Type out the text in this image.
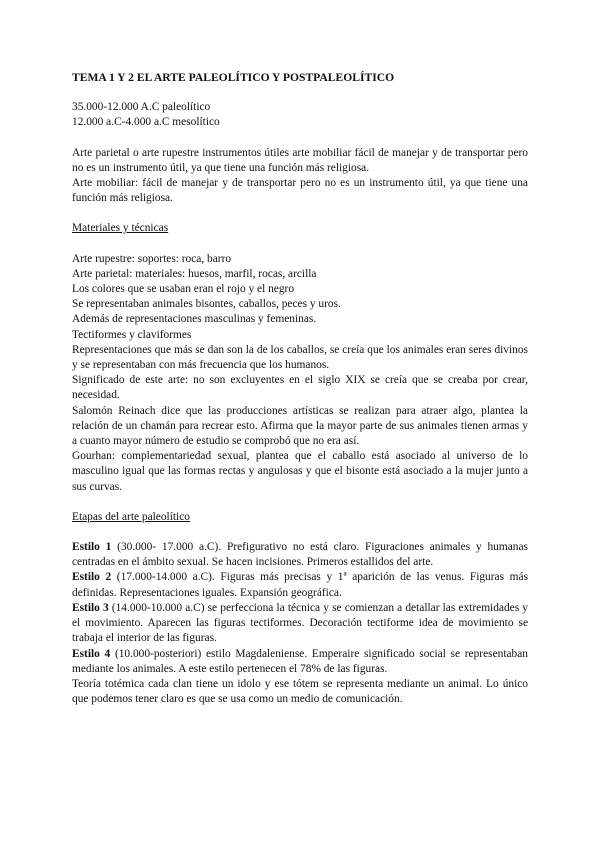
TEMA 1 Y 2 EL ARTE PALEOLÍTICO Y POSTPALEOLÍTICO

35.000-12.000 A.C paleolítico

12.000 a.C-4.000 a.C mesolítico

Arte parietal o arte rupestre instrumentos útiles arte mobiliar fácil de manejar y de transportar pero no es un instrumento útil, ya que tiene una función más religiosa.

Arte mobiliar: fácil de manejar y de transportar pero no es un instrumento útil, ya que tiene una función más religiosa.

Materiales y técnicas

Arte rupestre: soportes: roca, barro

Arte parietal: materiales: huesos, marfil, rocas, arcilla

Los colores que se usaban eran el rojo y el negro

Se representaban animales bisontes, caballos, peces y uros.

Además de representaciones masculinas y femeninas.

Tectiformes y claviformes

Representaciones que más se dan son la de los caballos, se creía que los animales eran seres divinos y se representaban con más frecuencia que los humanos.

Significado de este arte: no son excluyentes en el siglo XIX se creía que se creaba por crear, necesidad.

Salomón Reinach dice que las producciones artísticas se realizan para atraer algo, plantea la relación de un chamán para recrear esto. Afirma que la mayor parte de sus animales tienen armas y a cuanto mayor número de estudio se comprobó que no era así.

Gourhan: complementariedad sexual, plantea que el caballo está asociado al universo de lo masculino igual que las formas rectas y angulosas y que el bisonte está asociado a la mujer junto a sus curvas.

Etapas del arte paleolítico

Estilo 1 (30.000- 17.000 a.C). Prefigurativo no está claro. Figuraciones animales y humanas centradas en el ámbito sexual. Se hacen incisiones. Primeros estallidos del arte.

Estilo 2 (17.000-14.000 a.C). Figuras más precisas y 1ª aparición de las venus. Figuras más definidas. Representaciones iguales. Expansión geográfica.

Estilo 3 (14.000-10.000 a.C) se perfecciona la técnica y se comienzan a detallar las extremidades y el movimiento. Aparecen las figuras tectiformes. Decoración tectiforme idea de movimiento se trabaja el interior de las figuras.

Estilo 4 (10.000-posteriori) estilo Magdaleniense. Emperaire significado social se representaban mediante los animales. A este estilo pertenecen el 78% de las figuras.

Teoría totémica cada clan tiene un idolo y ese tótem se representa mediante un animal. Lo único que podemos tener claro es que se usa como un medio de comunicación.
